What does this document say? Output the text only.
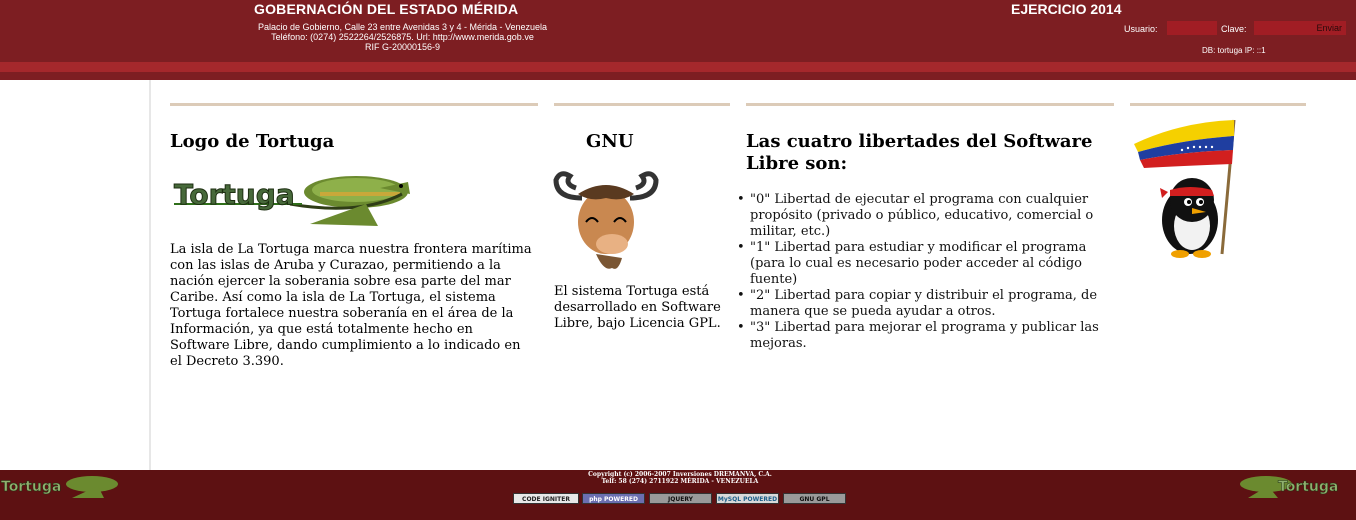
GOBERNACIÓN DEL ESTADO MÉRIDA
Palacio de Gobierno, Calle 23 entre Avenidas 3 y 4 - Mérida - Venezuela
Teléfono: (0274) 2522264/2526875. Url: http://www.merida.gob.ve
RIF G-20000156-9
EJERCICIO 2014
Usuario:	Clave:	Enviar
DB: tortuga IP: ::1
Logo de Tortuga
Tortuga
La isla de La Tortuga marca nuestra frontera marítima con las islas de Aruba y Curazao, permitiendo a la nación ejercer la soberania sobre esa parte del mar Caribe. Así como la isla de La Tortuga, el sistema Tortuga fortalece nuestra soberanía en el área de la Información, ya que está totalmente hecho en Software Libre, dando cumplimiento a lo indicado en el Decreto 3.390.
GNU
El sistema Tortuga está desarrollado en Software Libre, bajo Licencia GPL.
Las cuatro libertades del Software Libre son:
• "0" Libertad de ejecutar el programa con cualquier propósito (privado o público, educativo, comercial o militar, etc.)
• "1" Libertad para estudiar y modificar el programa (para lo cual es necesario poder acceder al código fuente)
• "2" Libertad para copiar y distribuir el programa, de manera que se pueda ayudar a otros.
• "3" Libertad para mejorar el programa y publicar las mejoras.
Tortuga	Tortuga
Copyright (c) 2006-2007 Inversiones DREMANVA, C.A.
Telf: 58 (274) 2711922 MÉRIDA - VENEZUELA
CODE IGNITER	php POWERED	JQUERY	MySQL POWERED	GNU GPL
